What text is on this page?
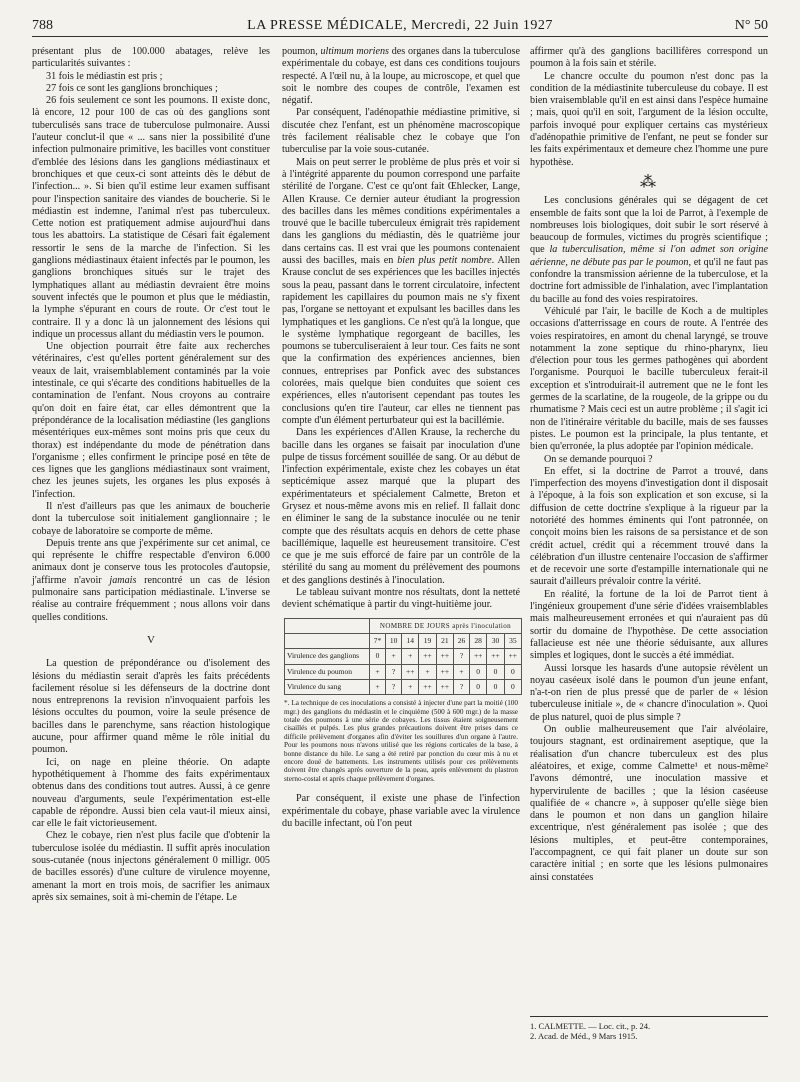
788	LA PRESSE MÉDICALE, Mercredi, 22 Juin 1927	N° 50

présentant plus de 100.000 abatages, relève les particularités suivantes :

31 fois le médiastin est pris ;

27 fois ce sont les ganglions bronchiques ;

26 fois seulement ce sont les poumons. Il existe donc, là encore, 12 pour 100 de cas où des ganglions sont tuberculisés sans trace de tuberculose pulmonaire. Aussi l'auteur conclut-il que « ... sans nier la possibilité d'une infection pulmonaire primitive, les bacilles vont constituer d'emblée des lésions dans les ganglions médiastinaux et bronchiques et que ceux-ci sont atteints dès le début de l'infection... ». Si bien qu'il estime leur examen suffisant pour l'inspection sanitaire des viandes de boucherie. Si le médiastin est indemne, l'animal n'est pas tuberculeux. Cette notion est pratiquement admise aujourd'hui dans tous les abattoirs. La statistique de Césari fait également ressortir le sens de la marche de l'infection. Si les ganglions médiastinaux étaient infectés par le poumon, les ganglions bronchiques situés sur le trajet des lymphatiques allant au médiastin devraient être moins souvent infectés que le poumon et plus que le médiastin, la lymphe s'épurant en cours de route. Or c'est tout le contraire. Il y a donc là un jalonnement des lésions qui indique un processus allant du médiastin vers le poumon.

Une objection pourrait être faite aux recherches vétérinaires, c'est qu'elles portent généralement sur des veaux de lait, vraisemblablement contaminés par la voie intestinale, ce qui s'écarte des conditions habituelles de la contamination de l'enfant. Nous croyons au contraire qu'on doit en faire état, car elles démontrent que la prépondérance de la localisation médiastine (les ganglions mésentériques eux-mêmes sont moins pris que ceux du thorax) est indépendante du mode de pénétration dans l'organisme ; elles confirment le principe posé en tête de ces lignes que les ganglions médiastinaux sont vraiment, chez les jeunes sujets, les organes les plus exposés à l'infection.

Il n'est d'ailleurs pas que les animaux de boucherie dont la tuberculose soit initialement ganglionnaire ; le cobaye de laboratoire se comporte de même.

Depuis trente ans que j'expérimente sur cet animal, ce qui représente le chiffre respectable d'environ 6.000 animaux dont je conserve tous les protocoles d'autopsie, j'affirme n'avoir jamais rencontré un cas de lésion pulmonaire sans participation médiastinale. L'inverse se réalise au contraire fréquemment ; nous allons voir dans quelles conditions.

V

La question de prépondérance ou d'isolement des lésions du médiastin serait d'après les faits précédents facilement résolue si les défenseurs de la doctrine dont nous entreprenons la revision n'invoquaient parfois les lésions occultes du poumon, voire la seule présence de bacilles dans le parenchyme, sans réaction histologique aucune, pour affirmer quand même le rôle initial du poumon.

Ici, on nage en pleine théorie. On adapte hypothétiquement à l'homme des faits expérimentaux obtenus dans des conditions tout autres. Aussi, à ce genre nouveau d'arguments, seule l'expérimentation est-elle capable de répondre. Aussi bien cela vaut-il mieux ainsi, car elle le fait victorieusement.

Chez le cobaye, rien n'est plus facile que d'obtenir la tuberculose isolée du médiastin. Il suffit après inoculation sous-cutanée (nous injectons généralement 0 milligr. 005 de bacilles essorés) d'une culture de virulence moyenne, amenant la mort en trois mois, de sacrifier les animaux après six semaines, soit à mi-chemin de l'étape. Le

poumon, ultimum moriens des organes dans la tuberculose expérimentale du cobaye, est dans ces conditions toujours respecté. A l'œil nu, à la loupe, au microscope, et quel que soit le nombre des coupes de contrôle, l'examen est négatif.

Par conséquent, l'adénopathie médiastine primitive, si discutée chez l'enfant, est un phénomène macroscopique très facilement réalisable chez le cobaye que l'on tuberculise par la voie sous-cutanée.

Mais on peut serrer le problème de plus près et voir si à l'intégrité apparente du poumon correspond une parfaite stérilité de l'organe. C'est ce qu'ont fait Œhlecker, Lange, Allen Krause. Ce dernier auteur étudiant la progression des bacilles dans les mêmes conditions expérimentales a trouvé que le bacille tuberculeux émigrait très rapidement dans les ganglions du médiastin, dès le quatrième jour dans certains cas. Il est vrai que les poumons contenaient aussi des bacilles, mais en bien plus petit nombre. Allen Krause conclut de ses expériences que les bacilles injectés sous la peau, passant dans le torrent circulatoire, infectent rapidement les capillaires du poumon mais ne s'y fixent pas, l'organe se nettoyant et expulsant les bacilles dans les lymphatiques et les ganglions. Ce n'est qu'à la longue, que le système lymphatique regorgeant de bacilles, les poumons se tuberculiseraient à leur tour. Ces faits ne sont que la confirmation des expériences anciennes, bien connues, entreprises par Ponfick avec des substances colorées, mais quelque bien conduites que soient ces expériences, elles n'autorisent cependant pas toutes les conclusions qu'en tire l'auteur, car elles ne tiennent pas compte d'un élément perturbateur qui est la bacillémie.

Dans les expériences d'Allen Krause, la recherche du bacille dans les organes se faisait par inoculation d'une pulpe de tissus forcément souillée de sang. Or au début de l'infection expérimentale, existe chez les cobayes un état septicémique assez marqué que la plupart des expérimentateurs et spécialement Calmette, Breton et Grysez et nous-même avons mis en relief. Il fallait donc en éliminer le sang de la substance inoculée ou ne tenir compte que des résultats acquis en dehors de cette phase bacillémique, laquelle est heureusement transitoire. C'est ce que je me suis efforcé de faire par un contrôle de la stérilité du sang au moment du prélèvement des poumons et des ganglions destinés à l'inoculation.

Le tableau suivant montre nos résultats, dont la netteté devient schématique à partir du vingt-huitième jour.

	NOMBRE DE JOURS après l'inoculation								
	7*	10	14	19	21	26	28	30	35
Virulence des ganglions	0	+	+	++	++	?	++	++	++
Virulence du poumon	+	?	++	+	++	+	0	0	0
Virulence du sang	+	?	+	++	++	?	0	0	0
*. La technique de ces inoculations a consisté à injecter d'une part la moitié (100 mgr.) des ganglions du médiastin et le cinquième (500 à 600 mgr.) de la masse totale des poumons à une série de cobayes. Les tissus étaient soigneusement cisaillés et pulpés. Les plus grandes précautions doivent être prises dans ce difficile prélèvement d'organes afin d'éviter les souillures d'un organe à l'autre. Pour les poumons nous n'avons utilisé que les régions corticales de la base, à bonne distance du hile. Le sang a été retiré par ponction du cœur mis à nu et encore doué de battements. Les instruments utilisés pour ces prélèvements doivent être changés après ouverture de la peau, après enlèvement du plastron sterno-costal et après chaque prélèvement d'organes.

Par conséquent, il existe une phase de l'infection expérimentale du cobaye, phase variable avec la virulence du bacille infectant, où l'on peut

affirmer qu'à des ganglions bacillifères correspond un poumon à la fois sain et stérile.

Le chancre occulte du poumon n'est donc pas la condition de la médiastinite tuberculeuse du cobaye. Il est bien vraisemblable qu'il en est ainsi dans l'espèce humaine ; mais, quoi qu'il en soit, l'argument de la lésion occulte, parfois invoqué pour expliquer certains cas mystérieux d'adénopathie primitive de l'enfant, ne peut se fonder sur les faits expérimentaux et demeure chez l'homme une pure hypothèse.

⁂

Les conclusions générales qui se dégagent de cet ensemble de faits sont que la loi de Parrot, à l'exemple de nombreuses lois biologiques, doit subir le sort réservé à beaucoup de formules, victimes du progrès scientifique ; que la tuberculisation, même si l'on admet son origine aérienne, ne débute pas par le poumon, et qu'il ne faut pas confondre la transmission aérienne de la tuberculose, et la doctrine fort admissible de l'inhalation, avec l'implantation du bacille au fond des voies respiratoires.

Véhiculé par l'air, le bacille de Koch a de multiples occasions d'atterrissage en cours de route. A l'entrée des voies respiratoires, en amont du chenal laryngé, se trouve notamment la zone septique du rhino-pharynx, lieu d'élection pour tous les germes pathogènes qui abordent l'organisme. Pourquoi le bacille tuberculeux ferait-il exception et s'introduirait-il autrement que ne le font les germes de la scarlatine, de la rougeole, de la grippe ou du rhumatisme ? Mais ceci est un autre problème ; il s'agit ici non de l'itinéraire véritable du bacille, mais de ses fausses pistes. Le poumon est la principale, la plus tentante, et bien qu'erronée, la plus adoptée par l'opinion médicale.

On se demande pourquoi ?

En effet, si la doctrine de Parrot a trouvé, dans l'imperfection des moyens d'investigation dont il disposait à l'époque, à la fois son explication et son excuse, si la diffusion de cette doctrine s'explique à la rigueur par la notoriété des hommes éminents qui l'ont patronnée, on conçoit moins bien les raisons de sa persistance et de son crédit actuel, crédit qui a récemment trouvé dans la célébration d'un illustre centenaire l'occasion de s'affirmer et de recevoir une sorte d'estampille internationale qui ne saurait d'ailleurs prévaloir contre la vérité.

En réalité, la fortune de la loi de Parrot tient à l'ingénieux groupement d'une série d'idées vraisemblables mais malheureusement erronées et qui n'auraient pas dû sortir du domaine de l'hypothèse. De cette association fallacieuse est née une théorie séduisante, aux allures simples et logiques, dont le succès a été immédiat.

Aussi lorsque les hasards d'une autopsie révèlent un noyau caséeux isolé dans le poumon d'un jeune enfant, n'a-t-on rien de plus pressé que de parler de « lésion tuberculeuse initiale », de « chancre d'inoculation ». Quoi de plus naturel, quoi de plus simple ?

On oublie malheureusement que l'air alvéolaire, toujours stagnant, est ordinairement aseptique, que la réalisation d'un chancre tuberculeux est des plus aléatoires, et exige, comme Calmette¹ et nous-même² l'avons démontré, une inoculation massive et hypervirulente de bacilles ; que la lésion caséeuse qualifiée de « chancre », à supposer qu'elle siège bien dans le poumon et non dans un ganglion hilaire excentrique, n'est généralement pas isolée ; que des lésions multiples, et peut-être contemporaines, l'accompagnent, ce qui fait planer un doute sur son caractère initial ; en sorte que les lésions pulmonaires ainsi constatées

1. CALMETTE. — Loc. cit., p. 24.
2. Acad. de Méd., 9 Mars 1915.
